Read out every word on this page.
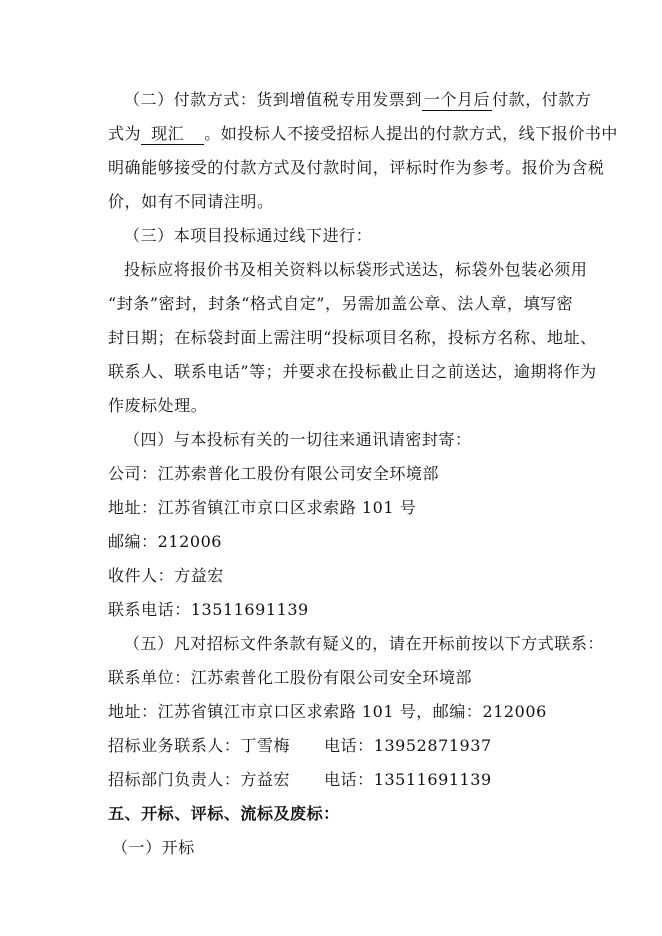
（二）付款方式：货到增值税专用发票到 一个月后 付款，付款方
式为 现汇 。如投标人不接受招标人提出的付款方式，线下报价书中
明确能够接受的付款方式及付款时间，评标时作为参考。报价为含税
价，如有不同请注明。
（三）本项目投标通过线下进行：
投标应将报价书及相关资料以标袋形式送达，标袋外包装必须用
“封条”密封，封条“格式自定”，另需加盖公章、法人章，填写密
封日期；在标袋封面上需注明“投标项目名称，投标方名称、地址、
联系人、联系电话”等；并要求在投标截止日之前送达，逾期将作为
作废标处理。
（四）与本投标有关的一切往来通讯请密封寄：
公司：江苏索普化工股份有限公司安全环境部
地址：江苏省镇江市京口区求索路 101 号
邮编：212006
收件人：方益宏
联系电话：13511691139
（五）凡对招标文件条款有疑义的，请在开标前按以下方式联系：
联系单位：江苏索普化工股份有限公司安全环境部
地址：江苏省镇江市京口区求索路 101 号，邮编：212006
招标业务联系人：丁雪梅 电话：13952871937
招标部门负责人：方益宏 电话：13511691139
五、开标、评标、流标及废标：
（一）开标
